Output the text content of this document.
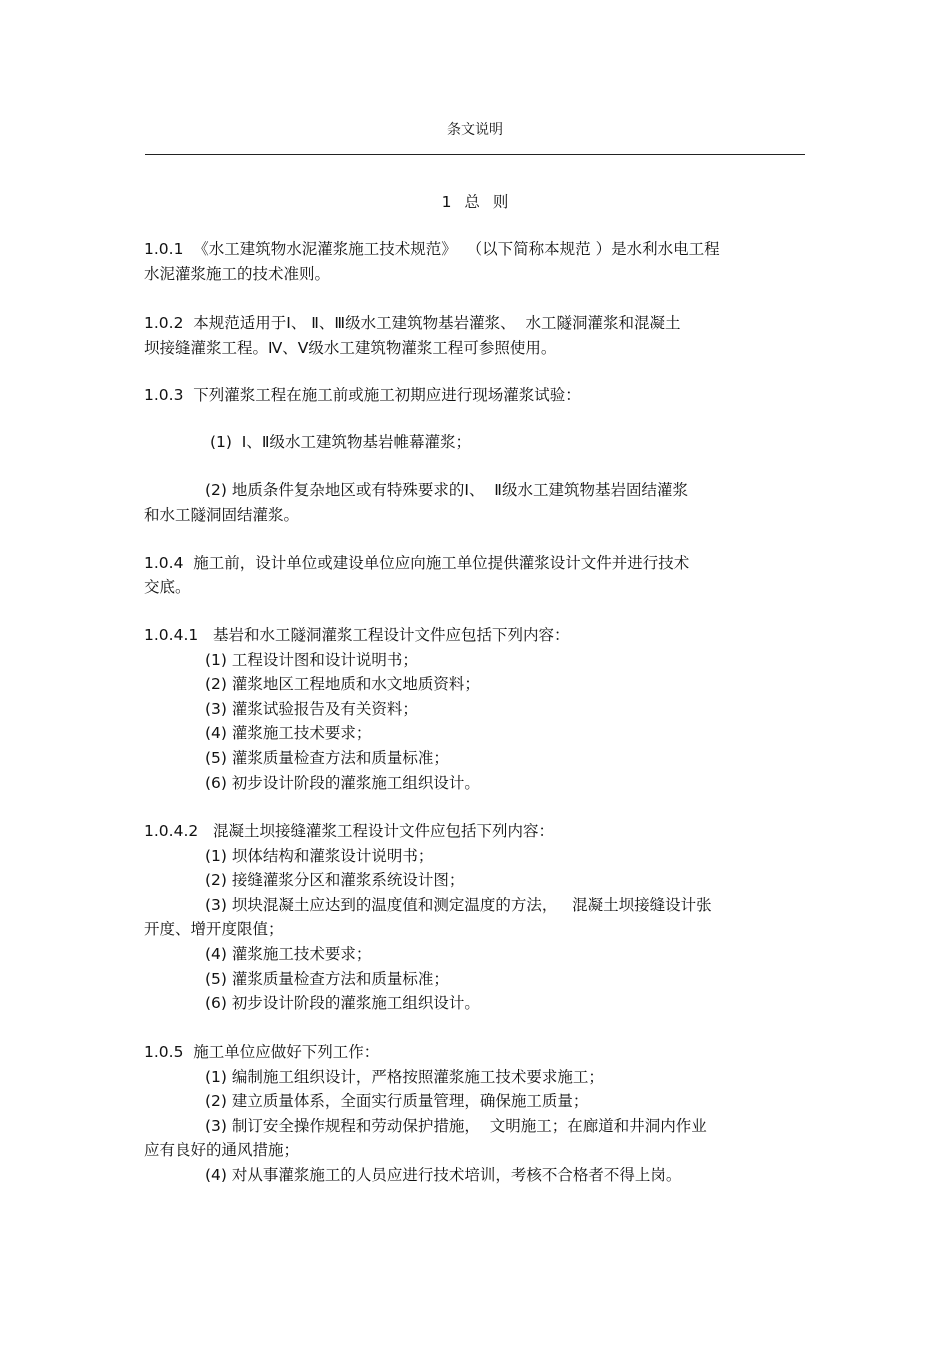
条文说明
1 总 则
1.0.1  《水工建筑物水泥灌浆施工技术规范》  （以下简称本规范 ）是水利水电工程
水泥灌浆施工的技术准则。
1.0.2  本规范适用于Ⅰ、 Ⅱ、Ⅲ级水工建筑物基岩灌浆、  水工隧洞灌浆和混凝土
坝接缝灌浆工程。Ⅳ、Ⅴ级水工建筑物灌浆工程可参照使用。
1.0.3  下列灌浆工程在施工前或施工初期应进行现场灌浆试验：
(1)  Ⅰ、Ⅱ级水工建筑物基岩帷幕灌浆；
(2) 地质条件复杂地区或有特殊要求的Ⅰ、  Ⅱ级水工建筑物基岩固结灌浆
和水工隧洞固结灌浆。
1.0.4  施工前，设计单位或建设单位应向施工单位提供灌浆设计文件并进行技术
交底。
1.0.4.1   基岩和水工隧洞灌浆工程设计文件应包括下列内容：
(1) 工程设计图和设计说明书；
(2) 灌浆地区工程地质和水文地质资料；
(3) 灌浆试验报告及有关资料；
(4) 灌浆施工技术要求；
(5) 灌浆质量检查方法和质量标准；
(6) 初步设计阶段的灌浆施工组织设计。
1.0.4.2   混凝土坝接缝灌浆工程设计文件应包括下列内容：
(1) 坝体结构和灌浆设计说明书；
(2) 接缝灌浆分区和灌浆系统设计图；
(3) 坝块混凝土应达到的温度值和测定温度的方法，   混凝土坝接缝设计张
开度、增开度限值；
(4) 灌浆施工技术要求；
(5) 灌浆质量检查方法和质量标准；
(6) 初步设计阶段的灌浆施工组织设计。
1.0.5  施工单位应做好下列工作：
(1) 编制施工组织设计，严格按照灌浆施工技术要求施工；
(2) 建立质量体系，全面实行质量管理，确保施工质量；
(3) 制订安全操作规程和劳动保护措施，  文明施工；在廊道和井洞内作业
应有良好的通风措施；
(4) 对从事灌浆施工的人员应进行技术培训，考核不合格者不得上岗。
